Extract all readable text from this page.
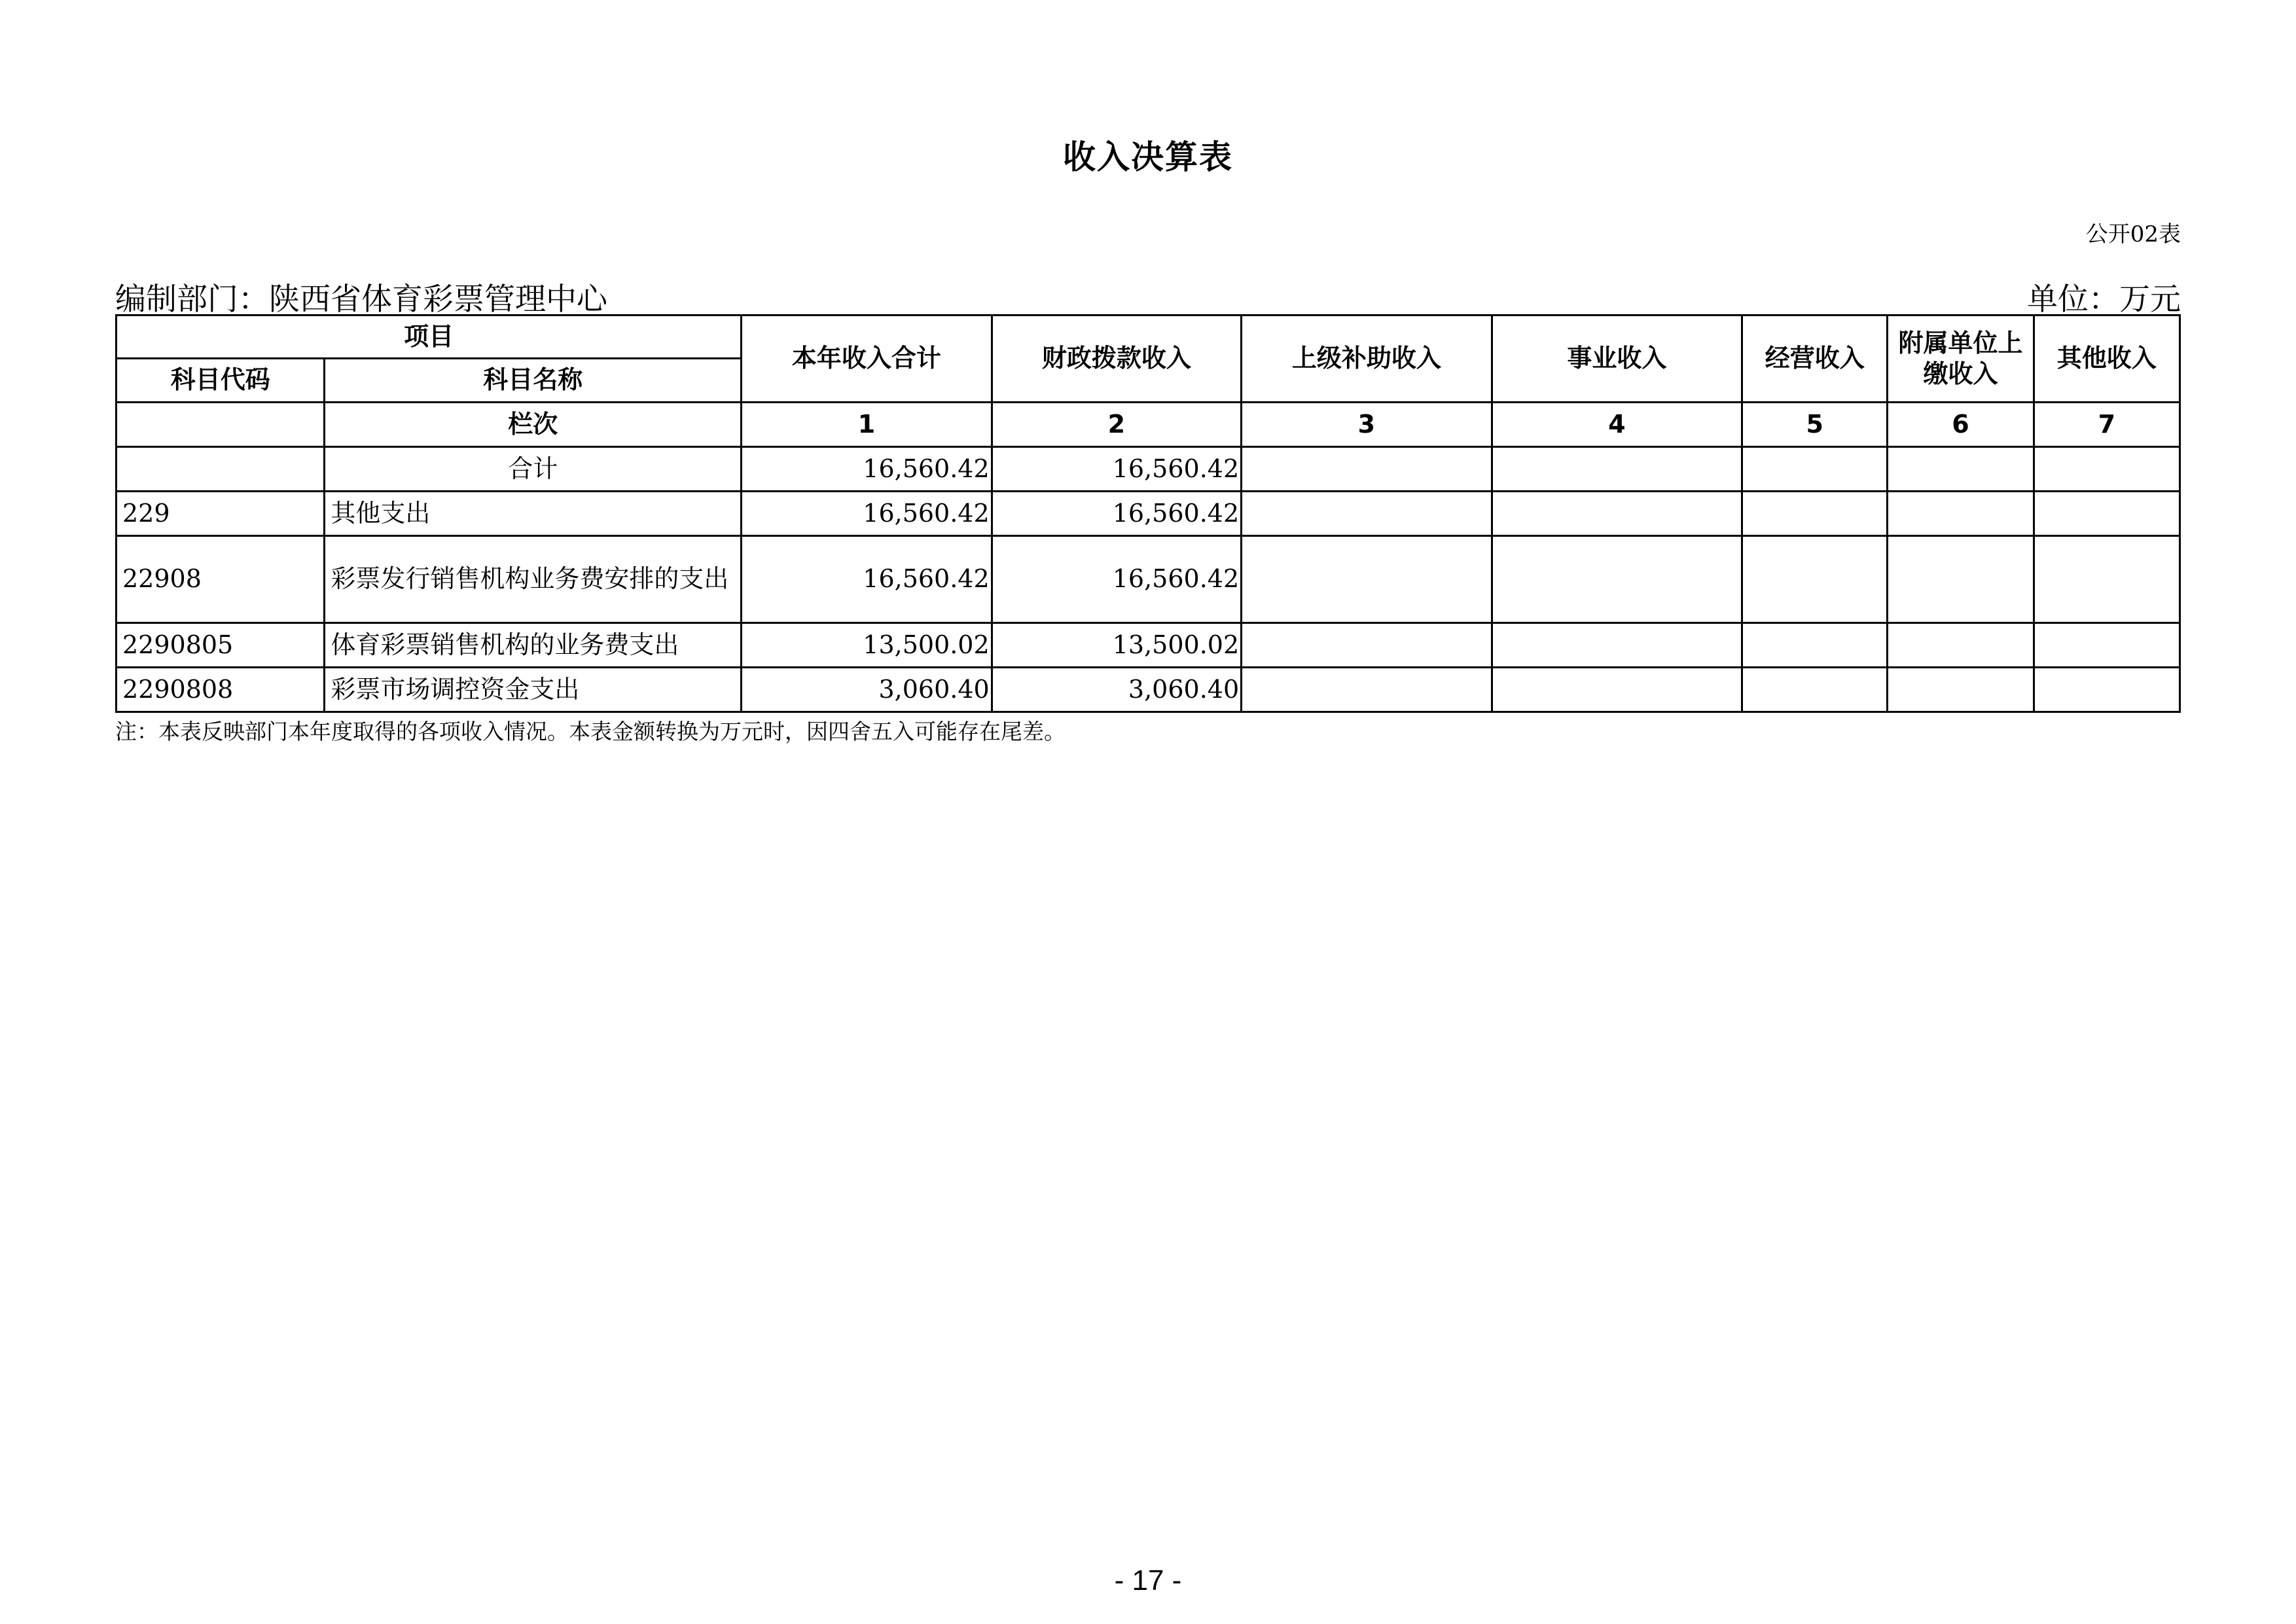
收入决算表
公开02表
编制部门：陕西省体育彩票管理中心	单位：万元
项目		本年收入合计	财政拨款收入	上级补助收入	事业收入	经营收入	附属单位上缴收入	其他收入
科目代码	科目名称							
	栏次	1	2	3	4	5	6	7
	合计	16,560.42	16,560.42					
229	其他支出	16,560.42	16,560.42					
22908	彩票发行销售机构业务费安排的支出	16,560.42	16,560.42					
2290805	体育彩票销售机构的业务费支出	13,500.02	13,500.02					
2290808	彩票市场调控资金支出	3,060.40	3,060.40					
注：本表反映部门本年度取得的各项收入情况。本表金额转换为万元时，因四舍五入可能存在尾差。
- 17 -
